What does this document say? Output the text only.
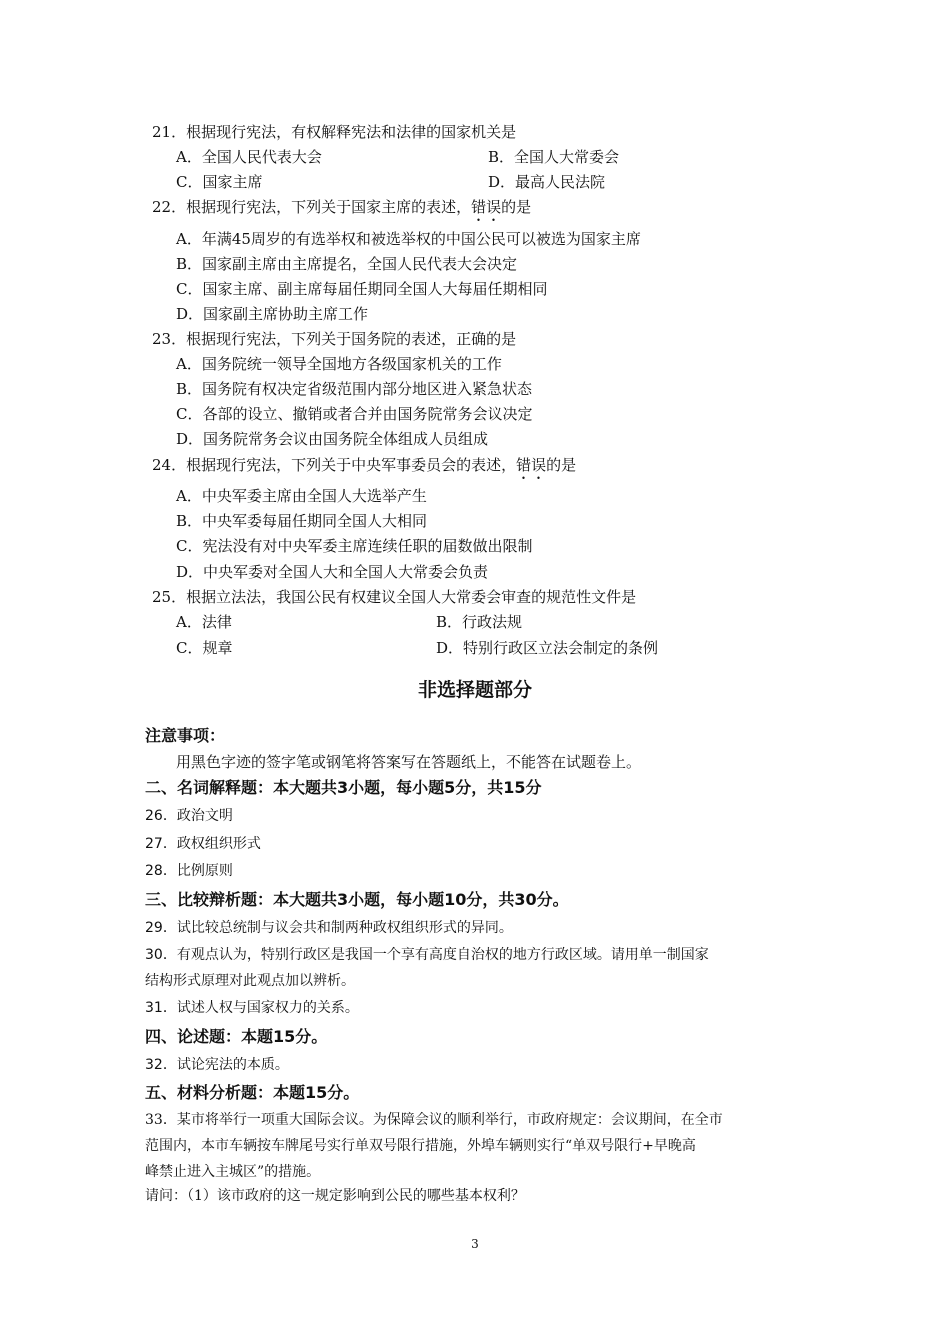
21．根据现行宪法，有权解释宪法和法律的国家机关是
A．全国人民代表大会	B．全国人大常委会
C．国家主席	D．最高人民法院
22．根据现行宪法，下列关于国家主席的表述，错误的是
A．年满45周岁的有选举权和被选举权的中国公民可以被选为国家主席
B．国家副主席由主席提名，全国人民代表大会决定
C．国家主席、副主席每届任期同全国人大每届任期相同
D．国家副主席协助主席工作
23．根据现行宪法，下列关于国务院的表述，正确的是
A．国务院统一领导全国地方各级国家机关的工作
B．国务院有权决定省级范围内部分地区进入紧急状态
C．各部的设立、撤销或者合并由国务院常务会议决定
D．国务院常务会议由国务院全体组成人员组成
24．根据现行宪法，下列关于中央军事委员会的表述，错误的是
A．中央军委主席由全国人大选举产生
B．中央军委每届任期同全国人大相同
C．宪法没有对中央军委主席连续任职的届数做出限制
D．中央军委对全国人大和全国人大常委会负责
25．根据立法法，我国公民有权建议全国人大常委会审查的规范性文件是
A．法律	B．行政法规
C．规章	D．特别行政区立法会制定的条例
非选择题部分
注意事项：
用黑色字迹的签字笔或钢笔将答案写在答题纸上，不能答在试题卷上。
二、名词解释题：本大题共3小题，每小题5分，共15分
26．政治文明
27．政权组织形式
28．比例原则
三、比较辩析题：本大题共3小题，每小题10分，共30分。
29．试比较总统制与议会共和制两种政权组织形式的异同。
30．有观点认为，特别行政区是我国一个享有高度自治权的地方行政区域。请用单一制国家
结构形式原理对此观点加以辨析。
31．试述人权与国家权力的关系。
四、论述题：本题15分。
32．试论宪法的本质。
五、材料分析题：本题15分。
33．某市将举行一项重大国际会议。为保障会议的顺利举行，市政府规定：会议期间，在全市
范围内，本市车辆按车牌尾号实行单双号限行措施，外埠车辆则实行“单双号限行+早晚高
峰禁止进入主城区”的措施。
请问：（1）该市政府的这一规定影响到公民的哪些基本权利？
3
